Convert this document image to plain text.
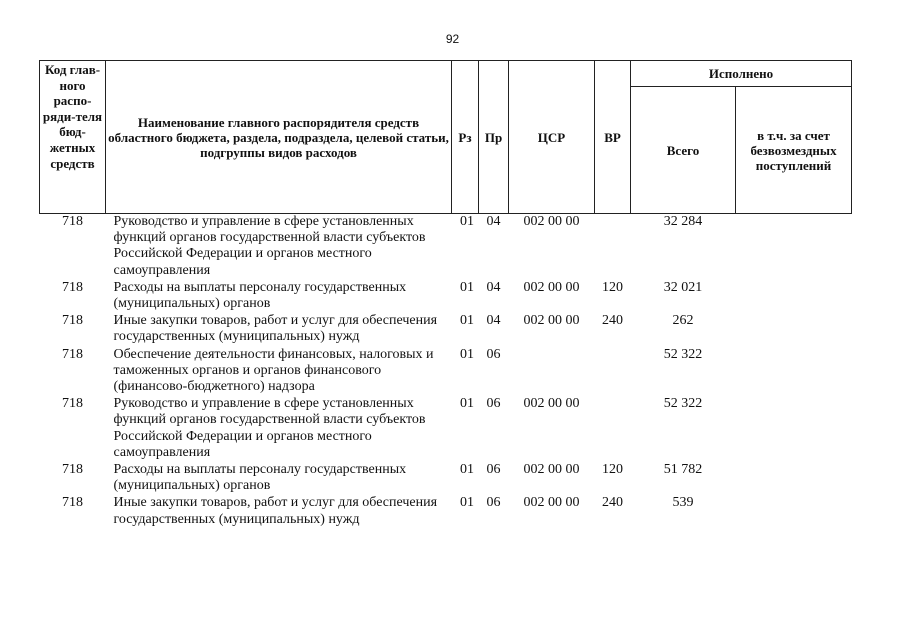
92
Код глав-ного распо-ряди-теля бюд-жетных средств	Наименование главного распорядителя средств областного бюджета, раздела, подраздела, целевой статьи, подгруппы видов расходов	Рз	Пр	ЦСР	ВР	Исполнено	
						Всего	в т.ч. за счет безвозмездных поступлений
718	Руководство и управление в сфере установленных функций органов государственной власти субъектов Российской Федерации и органов местного самоуправления	01	04	002 00 00		32 284	
718	Расходы на выплаты персоналу государственных (муниципальных) органов	01	04	002 00 00	120	32 021	
718	Иные закупки товаров, работ и услуг для обеспечения государственных (муниципальных) нужд	01	04	002 00 00	240	262	
718	Обеспечение деятельности финансовых, налоговых и таможенных органов и органов финансового (финансово-бюджетного) надзора	01	06			52 322	
718	Руководство и управление в сфере установленных функций органов государственной власти субъектов Российской Федерации и органов местного самоуправления	01	06	002 00 00		52 322	
718	Расходы на выплаты персоналу государственных (муниципальных) органов	01	06	002 00 00	120	51 782	
718	Иные закупки товаров, работ и услуг для обеспечения государственных (муниципальных) нужд	01	06	002 00 00	240	539	
